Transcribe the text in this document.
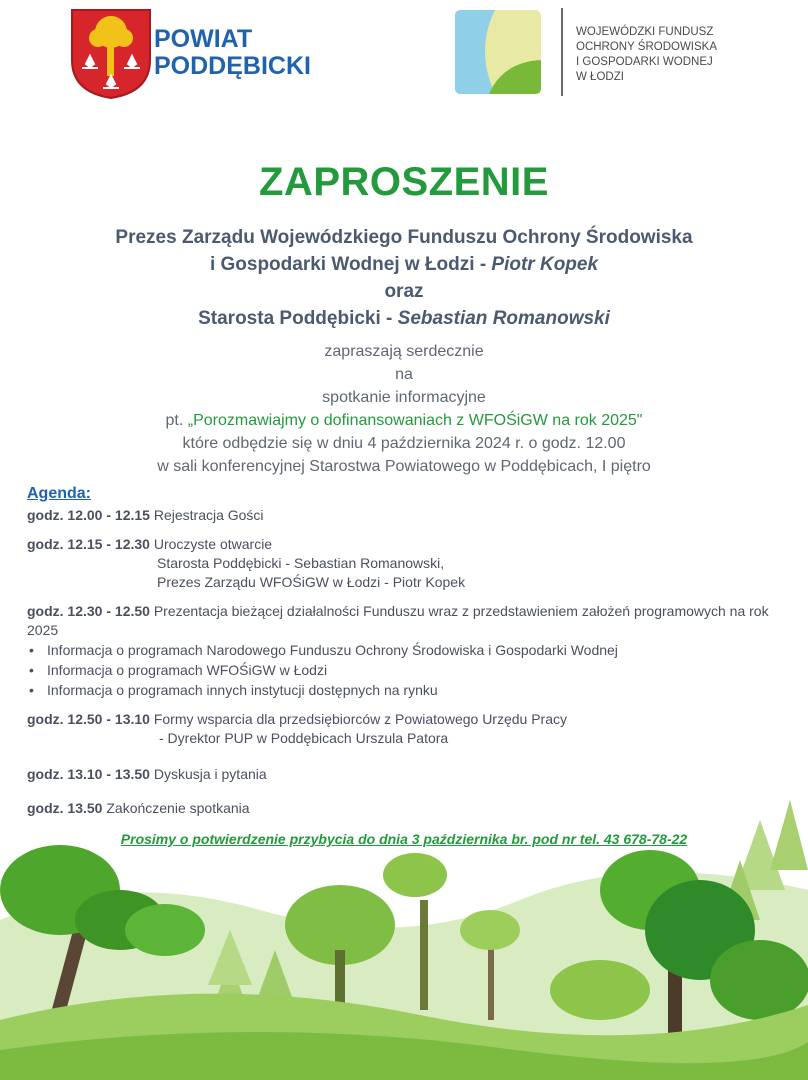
POWIAT
PODDĘBICKI
WOJEWÓDZKI FUNDUSZ
OCHRONY ŚRODOWISKA
I GOSPODARKI WODNEJ
W ŁODZI
ZAPROSZENIE
Prezes Zarządu Wojewódzkiego Funduszu Ochrony Środowiska
i Gospodarki Wodnej w Łodzi - Piotr Kopek
oraz
Starosta Poddębicki - Sebastian Romanowski
zapraszają serdecznie
na
spotkanie informacyjne
pt. „Porozmawiajmy o dofinansowaniach z WFOŚiGW na rok 2025"
które odbędzie się w dniu 4 października 2024 r. o godz. 12.00
w sali konferencyjnej Starostwa Powiatowego w Poddębicach, I piętro
Agenda:
godz. 12.00 - 12.15 Rejestracja Gości
godz. 12.15 - 12.30 Uroczyste otwarcie
Starosta Poddębicki - Sebastian Romanowski,
Prezes Zarządu WFOŚiGW w Łodzi - Piotr Kopek
godz. 12.30 - 12.50 Prezentacja bieżącej działalności Funduszu wraz z przedstawieniem założeń programowych na rok 2025
• Informacja o programach Narodowego Funduszu Ochrony Środowiska i Gospodarki Wodnej
• Informacja o programach WFOŚiGW w Łodzi
• Informacja o programach innych instytucji dostępnych na rynku
godz. 12.50 - 13.10 Formy wsparcia dla przedsiębiorców z Powiatowego Urzędu Pracy
- Dyrektor PUP w Poddębicach Urszula Patora
godz. 13.10 - 13.50 Dyskusja i pytania
godz. 13.50 Zakończenie spotkania
Prosimy o potwierdzenie przybycia do dnia 3 października br. pod nr tel. 43 678-78-22
